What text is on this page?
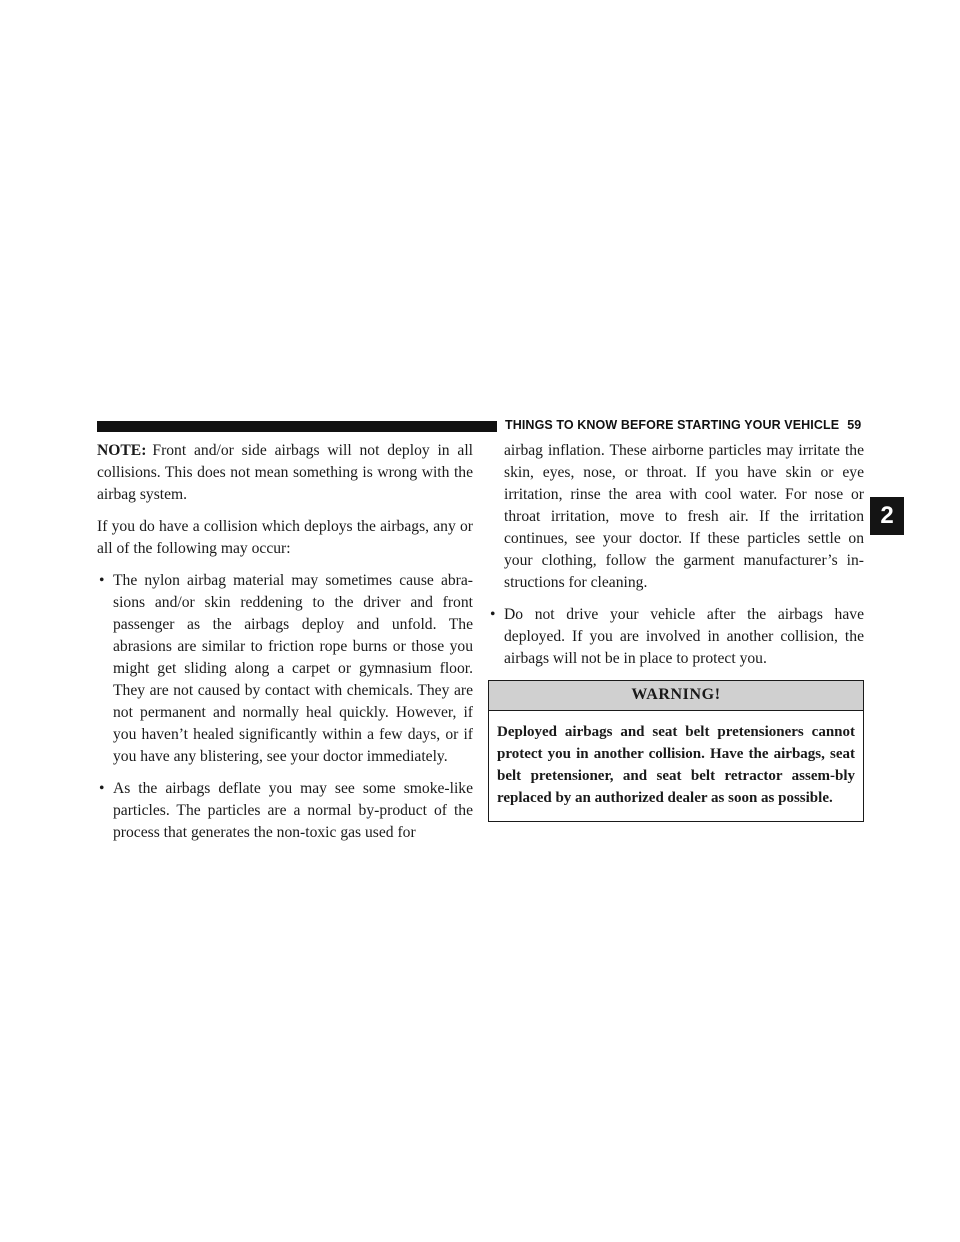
THINGS TO KNOW BEFORE STARTING YOUR VEHICLE 59
2

NOTE: Front and/or side airbags will not deploy in all collisions. This does not mean something is wrong with the airbag system.

If you do have a collision which deploys the airbags, any or all of the following may occur:

• The nylon airbag material may sometimes cause abra-sions and/or skin reddening to the driver and front passenger as the airbags deploy and unfold. The abrasions are similar to friction rope burns or those you might get sliding along a carpet or gymnasium floor. They are not caused by contact with chemicals. They are not permanent and normally heal quickly. However, if you haven’t healed significantly within a few days, or if you have any blistering, see your doctor immediately.
• As the airbags deflate you may see some smoke-like particles. The particles are a normal by-product of the process that generates the non-toxic gas used for
airbag inflation. These airborne particles may irritate the skin, eyes, nose, or throat. If you have skin or eye irritation, rinse the area with cool water. For nose or throat irritation, move to fresh air. If the irritation continues, see your doctor. If these particles settle on your clothing, follow the garment manufacturer’s in-structions for cleaning.
• Do not drive your vehicle after the airbags have deployed. If you are involved in another collision, the airbags will not be in place to protect you.
WARNING!
Deployed airbags and seat belt pretensioners cannot protect you in another collision. Have the airbags, seat belt pretensioner, and seat belt retractor assem-bly replaced by an authorized dealer as soon as possible.
